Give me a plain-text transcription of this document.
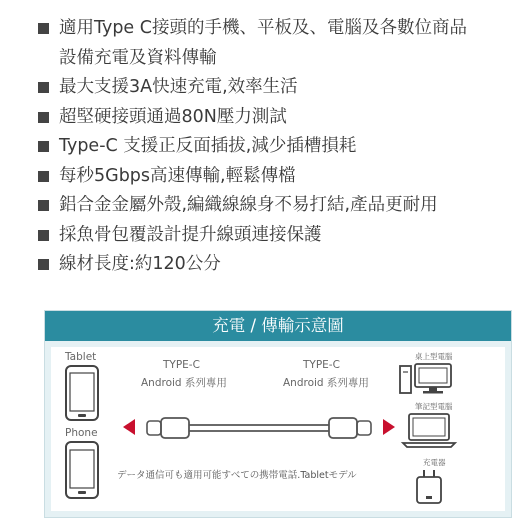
適用Type C接頭的手機、平板及、電腦及各數位商品
設備充電及資料傳輸
最大支援3A快速充電,效率生活
超堅硬接頭通過80N壓力測試
Type-C 支援正反面插拔,減少插槽損耗
每秒5Gbps高速傳輸,輕鬆傳檔
鋁合金金屬外殼,編織線線身不易打結,產品更耐用
採魚骨包覆設計提升線頭連接保護
線材長度:約120公分
充電 / 傳輸示意圖
Tablet
Phone
TYPE-C
Android 系列專用
TYPE-C
Android 系列專用
桌上型電腦
筆記型電腦
充電器
データ通信可も適用可能すべての携帯電話.Tabletモデル
